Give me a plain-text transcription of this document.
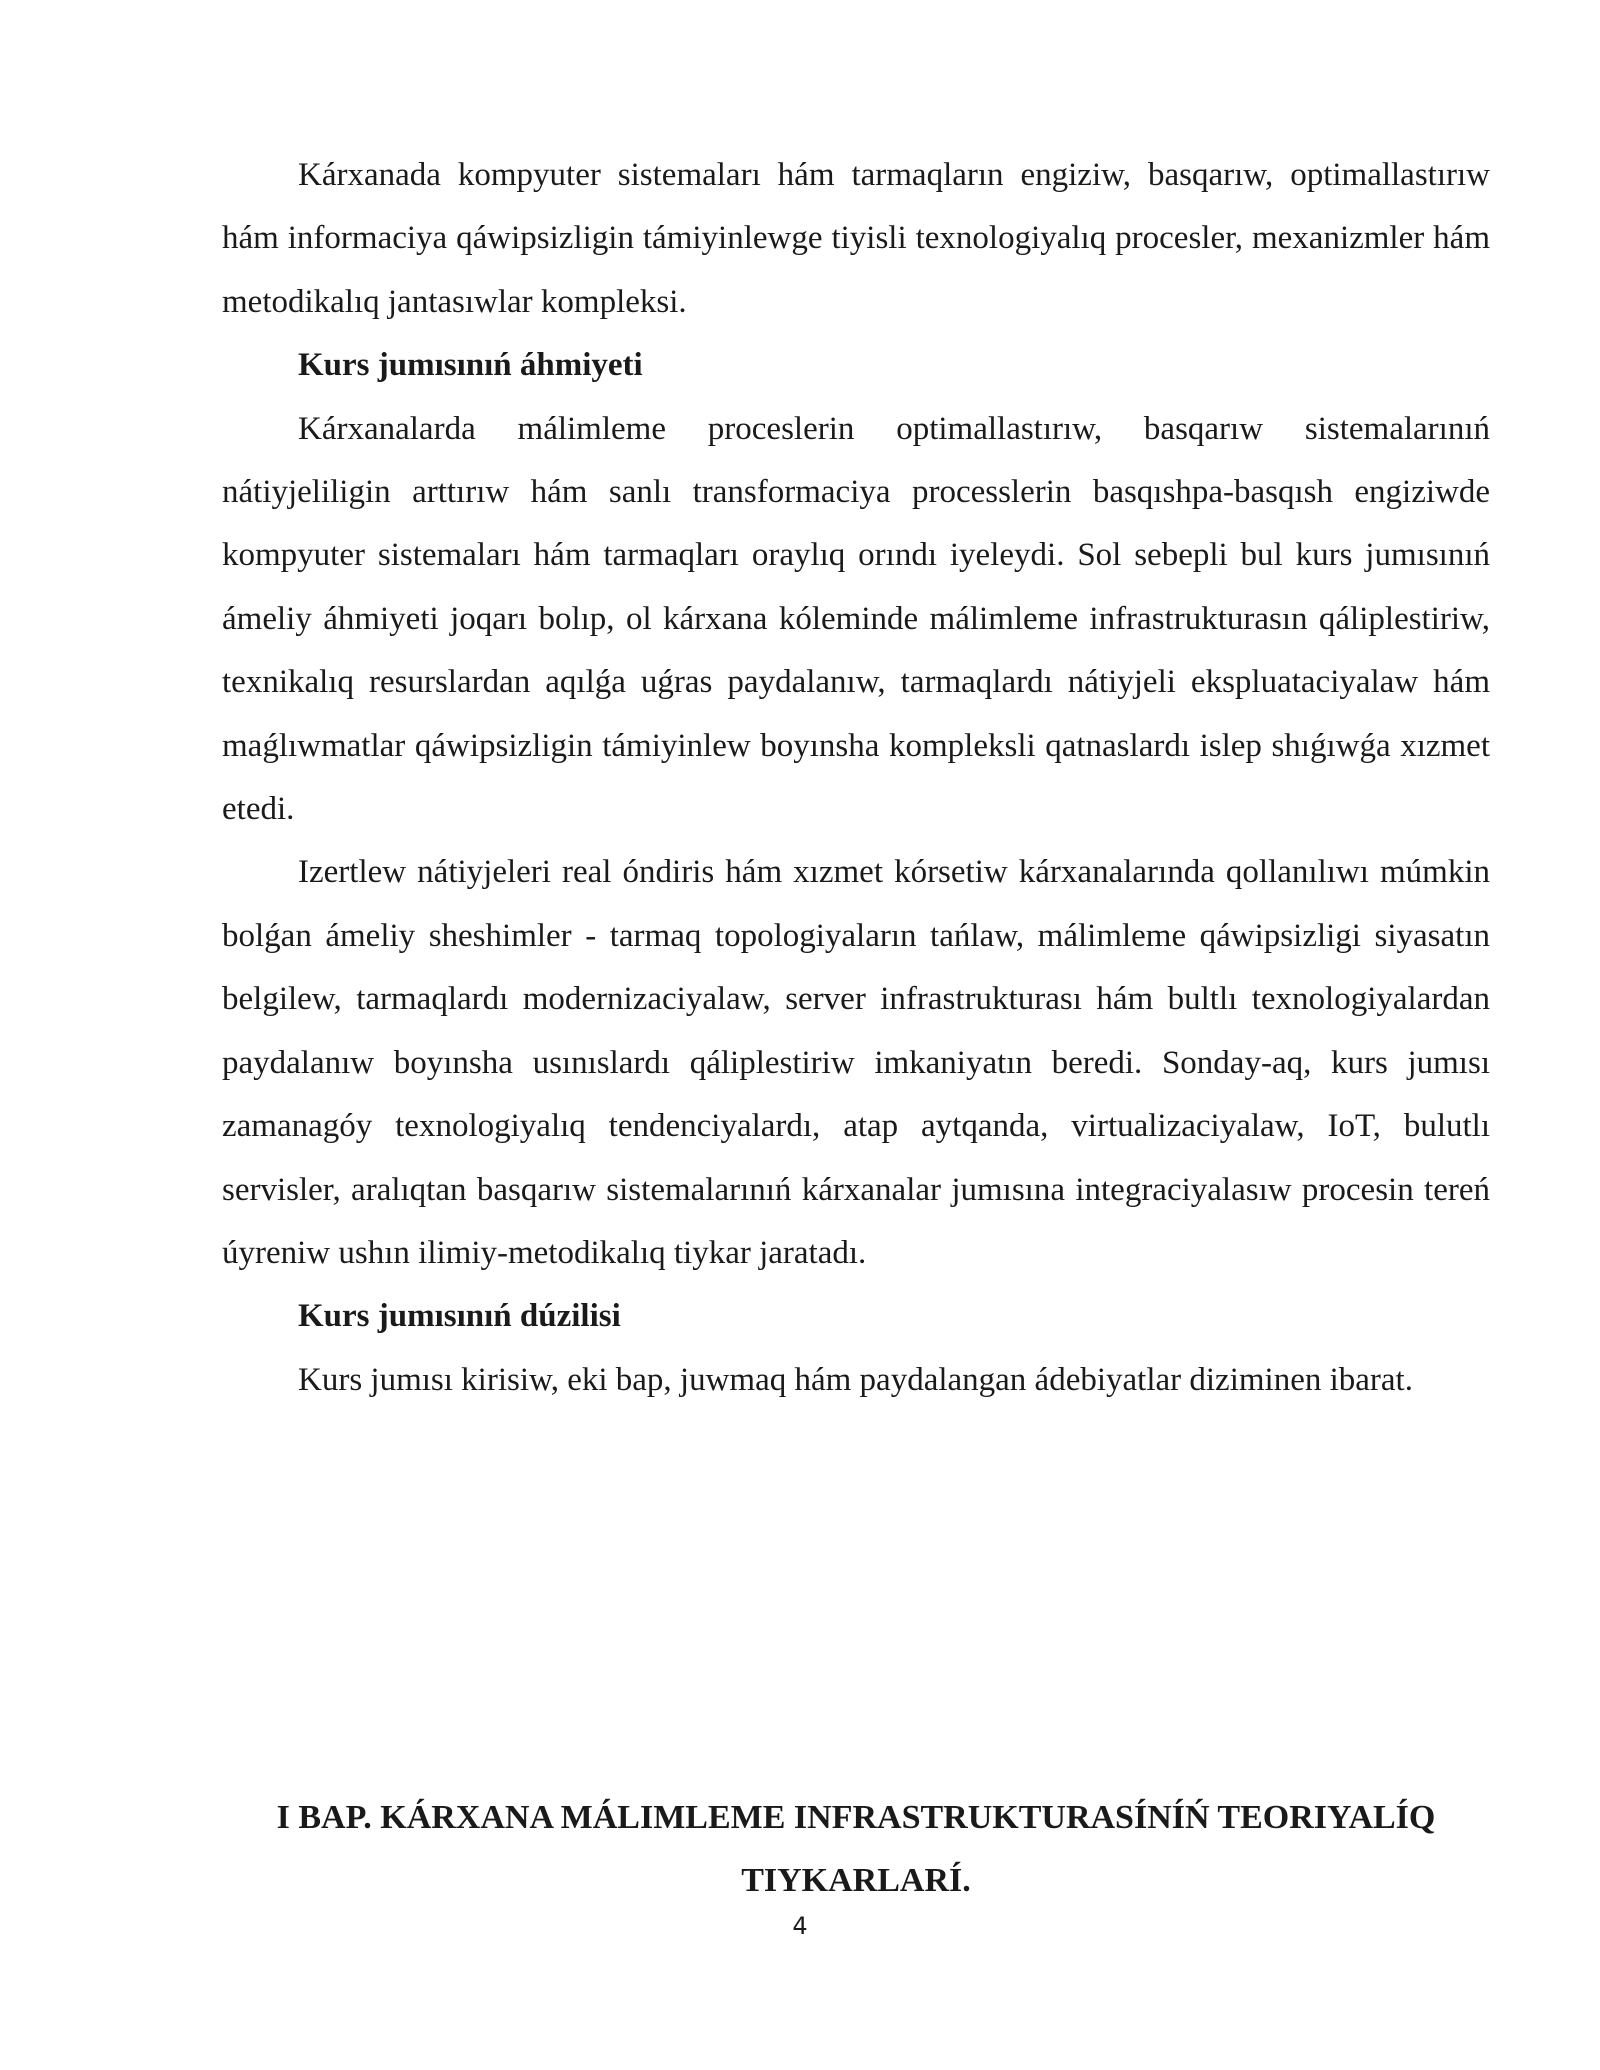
Kárxanada kompyuter sistemaları hám tarmaqların engiziw, basqarıw, optimallastırıw hám informaciya qáwipsizligin támiyinlewge tiyisli texnologiyalıq procesler, mexanizmler hám metodikalıq jantasıwlar kompleksi.

Kurs jumısınıń áhmiyeti

Kárxanalarda málimleme proceslerin optimallastırıw, basqarıw sistemalarınıń nátiyjeliligin arttırıw hám sanlı transformaciya processlerin basqıshpa-basqısh engiziwde kompyuter sistemaları hám tarmaqları oraylıq orındı iyeleydi. Sol sebepli bul kurs jumısınıń ámeliy áhmiyeti joqarı bolıp, ol kárxana kóleminde málimleme infrastrukturasın qáliplestiriw, texnikalıq resurslardan aqılǵa uǵras paydalanıw, tarmaqlardı nátiyjeli ekspluataciyalaw hám maǵlıwmatlar qáwipsizligin támiyinlew boyınsha kompleksli qatnaslardı islep shıǵıwǵa xızmet etedi.

Izertlew nátiyjeleri real óndiris hám xızmet kórsetiw kárxanalarında qollanılıwı múmkin bolǵan ámeliy sheshimler - tarmaq topologiyaların tańlaw, málimleme qáwipsizligi siyasatın belgilew, tarmaqlardı modernizaciyalaw, server infrastrukturası hám bultlı texnologiyalardan paydalanıw boyınsha usınıslardı qáliplestiriw imkaniyatın beredi. Sonday-aq, kurs jumısı zamanagóy texnologiyalıq tendenciyalardı, atap aytqanda, virtualizaciyalaw, IoT, bulutlı servisler, aralıqtan basqarıw sistemalarınıń kárxanalar jumısına integraciyalasıw procesin tereń úyreniw ushın ilimiy-metodikalıq tiykar jaratadı.

Kurs jumısınıń dúzilisi

Kurs jumısı kirisiw, eki bap, juwmaq hám paydalangan ádebiyatlar diziminen ibarat.

I BAP. KÁRXANA MÁLIMLEME INFRASTRUKTURASÍNÍŃ TEORIYALÍQ
TIYKARLARÍ.
4
